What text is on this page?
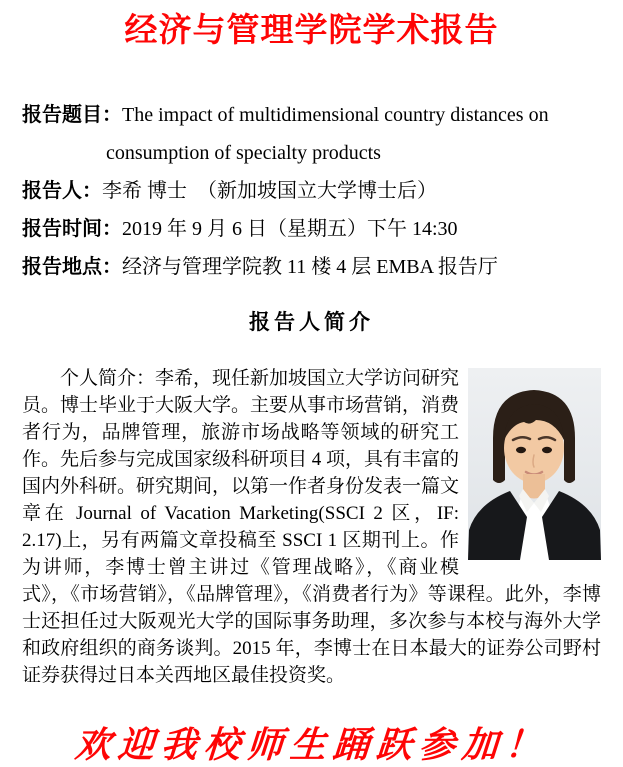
经济与管理学院学术报告
报告题目：The impact of multidimensional country distances on
consumption of specialty products
报告人：李希 博士　（新加坡国立大学博士后）
报告时间：2019 年 9 月 6 日（星期五）下午 14:30
报告地点：经济与管理学院教 11 楼 4 层 EMBA 报告厅
报告人简介

个人简介：李希，现任新加坡国立大学访问研究员。博士毕业于大阪大学。主要从事市场营销，消费者行为，品牌管理，旅游市场战略等领域的研究工作。先后参与完成国家级科研项目 4 项，具有丰富的国内外科研。研究期间，以第一作者身份发表一篇文章在 Journal of Vacation Marketing(SSCI 2 区，IF: 2.17)上，另有两篇文章投稿至 SSCI 1 区期刊上。作为讲师，李博士曾主讲过《管理战略》，《商业模式》，《市场营销》，《品牌管理》，《消费者行为》等课程。此外，李博士还担任过大阪观光大学的国际事务助理，多次参与本校与海外大学和政府组织的商务谈判。2015 年，李博士在日本最大的证券公司野村证券获得过日本关西地区最佳投资奖。

欢迎我校师生踊跃参加！
